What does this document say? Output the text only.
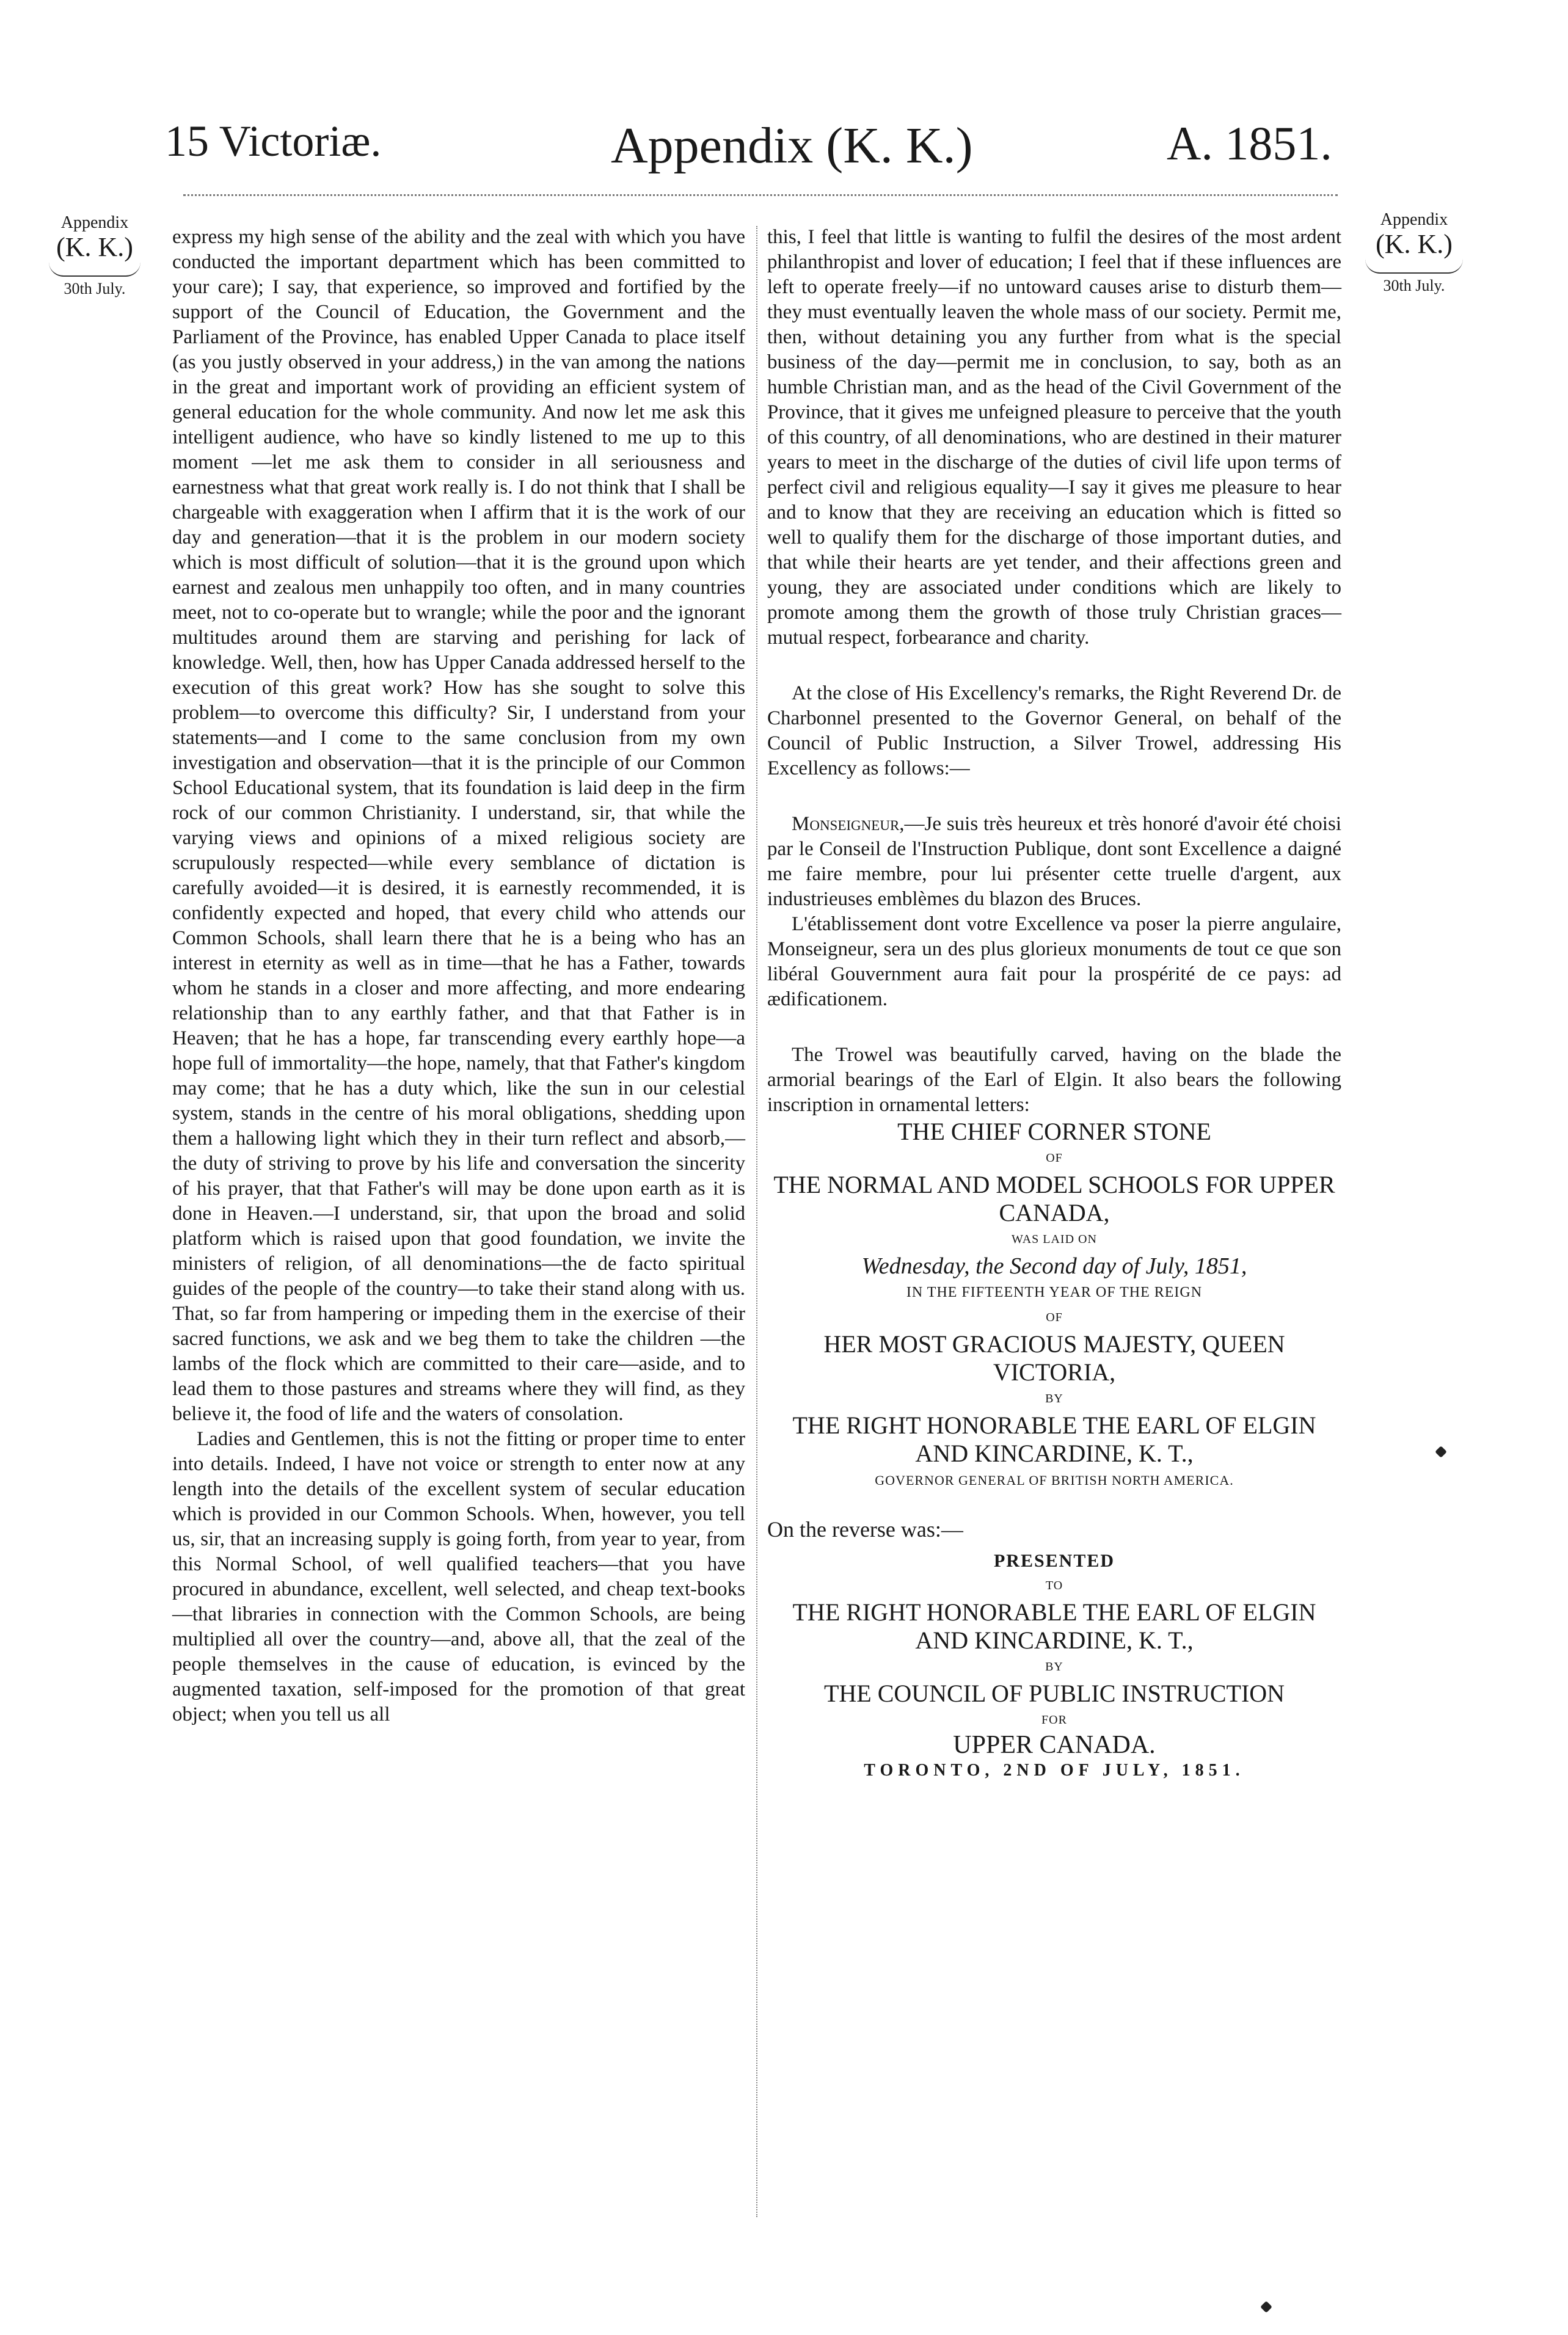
15 Victoriæ.	Appendix (K. K.)	A. 1851.
Appendix
(K. K.)
30th July.
Appendix
(K. K.)
30th July.

express my high sense of the ability and the zeal with which you have conducted the important department which has been committed to your care); I say, that experience, so improved and fortified by the support of the Council of Education, the Government and the Parliament of the Province, has enabled Upper Canada to place itself (as you justly observed in your address,) in the van among the nations in the great and important work of providing an efficient system of general education for the whole community. And now let me ask this intelligent audience, who have so kindly listened to me up to this moment —let me ask them to consider in all seriousness and earnestness what that great work really is. I do not think that I shall be chargeable with exaggeration when I affirm that it is the work of our day and generation—that it is the problem in our modern society which is most difficult of solution—that it is the ground upon which earnest and zealous men unhappily too often, and in many countries meet, not to co-operate but to wrangle; while the poor and the ignorant multitudes around them are starving and perishing for lack of knowledge. Well, then, how has Upper Canada addressed herself to the execution of this great work? How has she sought to solve this problem—to overcome this difficulty? Sir, I understand from your statements—and I come to the same conclusion from my own investigation and observation—that it is the principle of our Common School Educational system, that its foundation is laid deep in the firm rock of our common Christianity. I understand, sir, that while the varying views and opinions of a mixed religious society are scrupulously respected—while every semblance of dictation is carefully avoided—it is desired, it is earnestly recommended, it is confidently expected and hoped, that every child who attends our Common Schools, shall learn there that he is a being who has an interest in eternity as well as in time—that he has a Father, towards whom he stands in a closer and more affecting, and more endearing relationship than to any earthly father, and that that Father is in Heaven; that he has a hope, far transcending every earthly hope—a hope full of immortality—the hope, namely, that that Father's kingdom may come; that he has a duty which, like the sun in our celestial system, stands in the centre of his moral obligations, shedding upon them a hallowing light which they in their turn reflect and absorb,—the duty of striving to prove by his life and conversation the sincerity of his prayer, that that Father's will may be done upon earth as it is done in Heaven.—I understand, sir, that upon the broad and solid platform which is raised upon that good foundation, we invite the ministers of religion, of all denominations—the de facto spiritual guides of the people of the country—to take their stand along with us. That, so far from hampering or impeding them in the exercise of their sacred functions, we ask and we beg them to take the children —the lambs of the flock which are committed to their care—aside, and to lead them to those pastures and streams where they will find, as they believe it, the food of life and the waters of consolation.

Ladies and Gentlemen, this is not the fitting or proper time to enter into details. Indeed, I have not voice or strength to enter now at any length into the details of the excellent system of secular education which is provided in our Common Schools. When, however, you tell us, sir, that an increasing supply is going forth, from year to year, from this Normal School, of well qualified teachers—that you have procured in abundance, excellent, well selected, and cheap text-books—that libraries in connection with the Common Schools, are being multiplied all over the country—and, above all, that the zeal of the people themselves in the cause of education, is evinced by the augmented taxation, self-imposed for the promotion of that great object; when you tell us all

this, I feel that little is wanting to fulfil the desires of the most ardent philanthropist and lover of education; I feel that if these influences are left to operate freely—if no untoward causes arise to disturb them—they must eventually leaven the whole mass of our society. Permit me, then, without detaining you any further from what is the special business of the day—permit me in conclusion, to say, both as an humble Christian man, and as the head of the Civil Government of the Province, that it gives me unfeigned pleasure to perceive that the youth of this country, of all denominations, who are destined in their maturer years to meet in the discharge of the duties of civil life upon terms of perfect civil and religious equality—I say it gives me pleasure to hear and to know that they are receiving an education which is fitted so well to qualify them for the discharge of those important duties, and that while their hearts are yet tender, and their affections green and young, they are associated under conditions which are likely to promote among them the growth of those truly Christian graces—mutual respect, forbearance and charity.

At the close of His Excellency's remarks, the Right Reverend Dr. de Charbonnel presented to the Governor General, on behalf of the Council of Public Instruction, a Silver Trowel, addressing His Excellency as follows:—

Monseigneur,—Je suis très heureux et très honoré d'avoir été choisi par le Conseil de l'Instruction Publique, dont sont Excellence a daigné me faire membre, pour lui présenter cette truelle d'argent, aux industrieuses emblèmes du blazon des Bruces.

L'établissement dont votre Excellence va poser la pierre angulaire, Monseigneur, sera un des plus glorieux monuments de tout ce que son libéral Gouvernment aura fait pour la prospérité de ce pays: ad ædificationem.

The Trowel was beautifully carved, having on the blade the armorial bearings of the Earl of Elgin. It also bears the following inscription in ornamental letters:

THE CHIEF CORNER STONE

OF

THE NORMAL AND MODEL SCHOOLS FOR UPPER CANADA,

WAS LAID ON

Wednesday, the Second day of July, 1851,

IN THE FIFTEENTH YEAR OF THE REIGN

OF

HER MOST GRACIOUS MAJESTY, QUEEN VICTORIA,

BY

THE RIGHT HONORABLE THE EARL OF ELGIN AND KINCARDINE, K. T.,

GOVERNOR GENERAL OF BRITISH NORTH AMERICA.

On the reverse was:—

PRESENTED

TO

THE RIGHT HONORABLE THE EARL OF ELGIN AND KINCARDINE, K. T.,

BY

THE COUNCIL OF PUBLIC INSTRUCTION

FOR

UPPER CANADA.

TORONTO, 2ND OF JULY, 1851.
